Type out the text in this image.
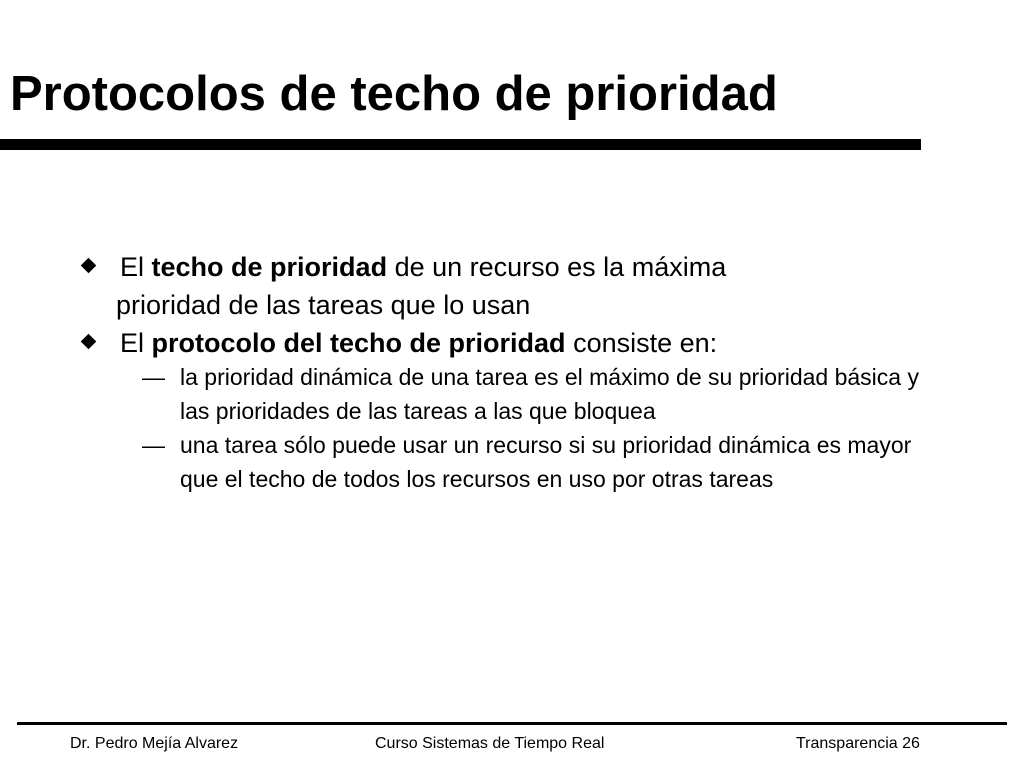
Protocolos de techo de prioridad
El techo de prioridad de un recurso es la máxima
prioridad de las tareas que lo usan
El protocolo del techo de prioridad consiste en:
— la prioridad dinámica de una tarea es el máximo de su prioridad básica y las prioridades de las tareas a las que bloquea
— una tarea sólo puede usar un recurso si su prioridad dinámica es mayor que el techo de todos los recursos en uso por otras tareas
Dr. Pedro Mejía Alvarez	Curso Sistemas de Tiempo Real	Transparencia 26
